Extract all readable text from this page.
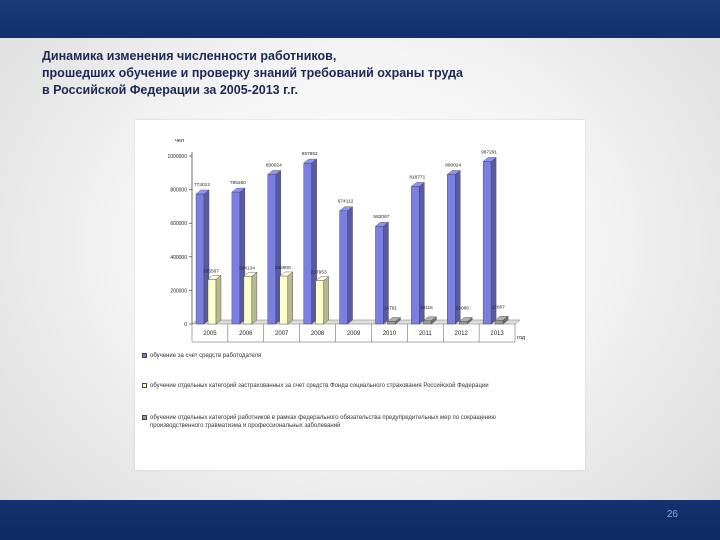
Динамика изменения численности работников,
прошедших обучение и проверку знаний требований охраны труда
в Российской Федерации за 2005-2013 г.г.
чел
0
200000
400000
600000
800000
1000000
774012
265567
2005
785260
284134
2006
890024
285900
2007
957852
257953
2008
674112
2009
582067
14791
2010
818771
19116
2011
890024
15086
2012
967291
22067
2013
год
обучение за счет средств работодателя
обучение отдельных категорий застрахованных за счет средств Фонда социального страхования Российской Федерации
обучение отдельных категорий работников в рамках федерального обязательства предупредительных мер по сокращению производственного травматизма и профессиональных заболеваний
26
